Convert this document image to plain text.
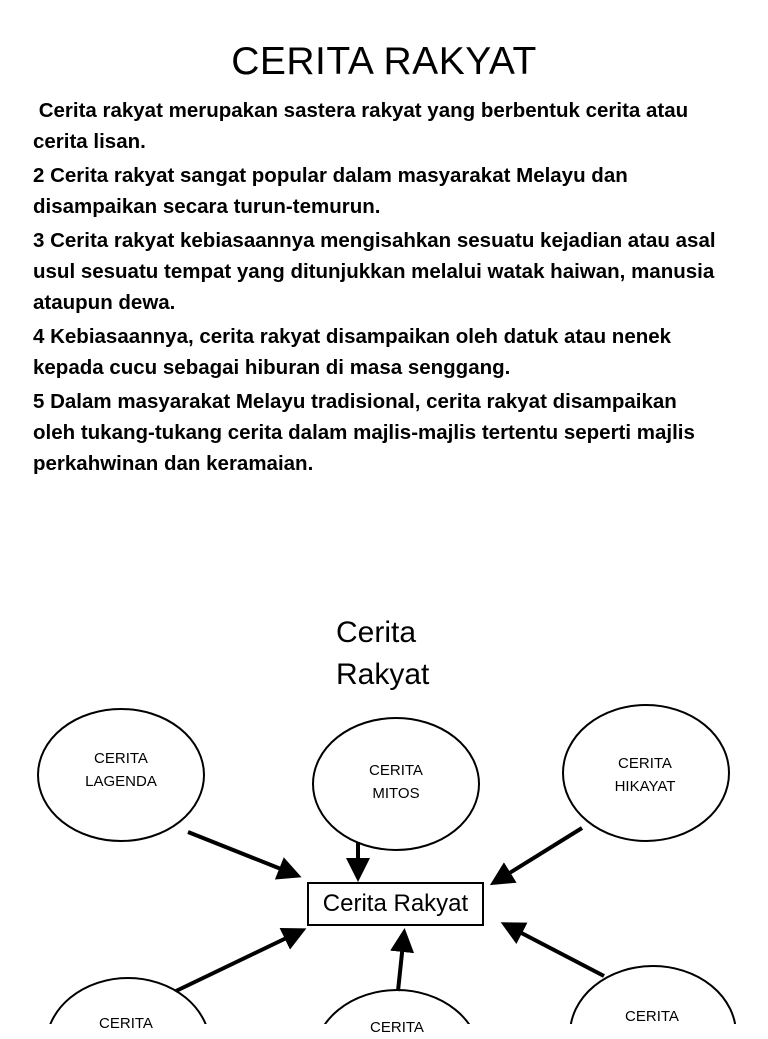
CERITA RAKYAT

Cerita rakyat merupakan sastera rakyat yang berbentuk cerita atau cerita lisan.

2 Cerita rakyat sangat popular dalam masyarakat Melayu dan disampaikan secara turun-temurun.

3 Cerita rakyat kebiasaannya mengisahkan sesuatu kejadian atau asal usul sesuatu tempat yang ditunjukkan melalui watak haiwan, manusia ataupun dewa.

4 Kebiasaannya, cerita rakyat disampaikan oleh datuk atau nenek kepada cucu sebagai hiburan di masa senggang.

5 Dalam masyarakat Melayu tradisional, cerita rakyat disampaikan oleh tukang-tukang cerita dalam majlis-majlis tertentu seperti majlis perkahwinan dan keramaian.

Cerita
Rakyat
CERITA
LAGENDA
CERITA
MITOS
CERITA
HIKAYAT
CERITA	CERITA
CERITA
Cerita Rakyat
